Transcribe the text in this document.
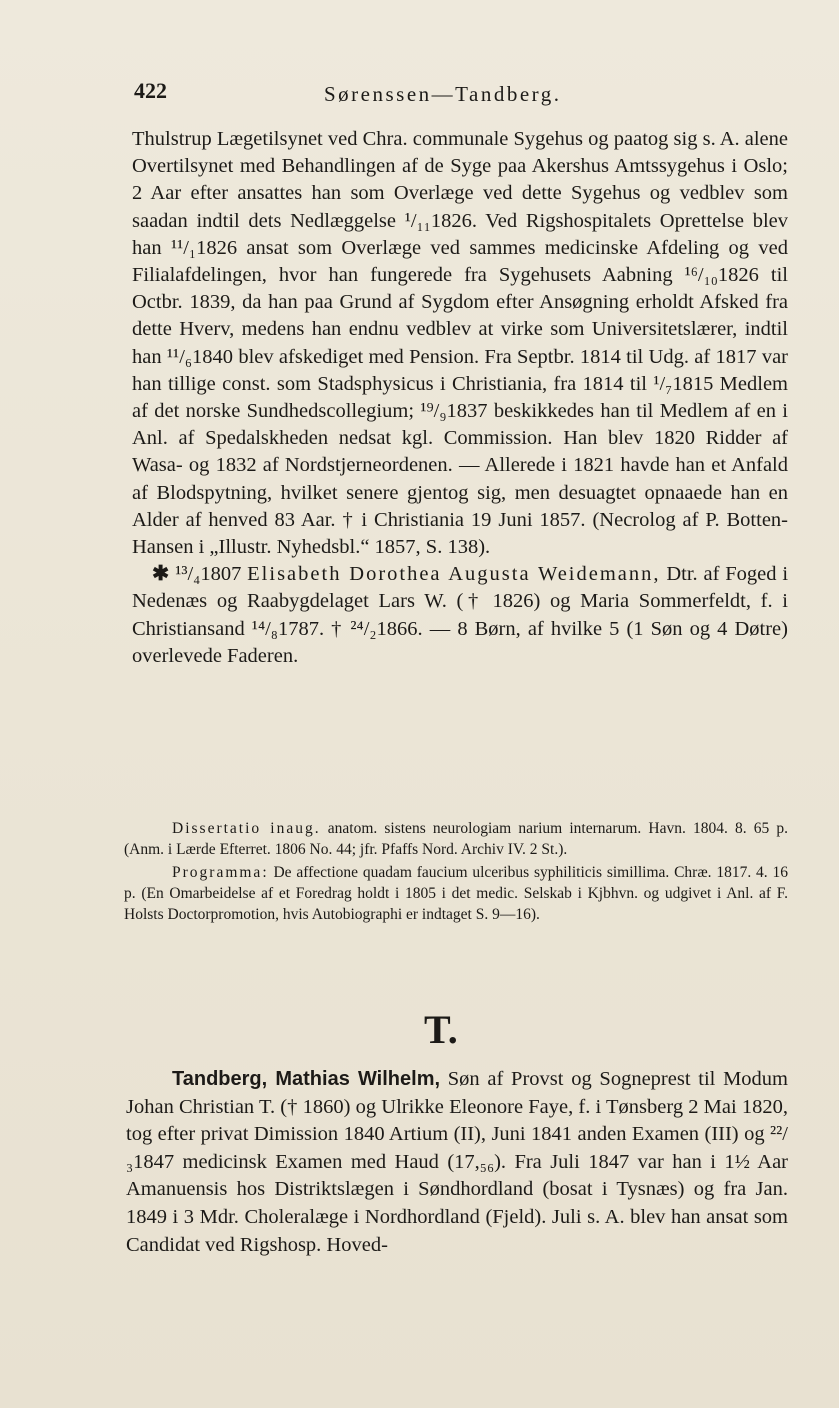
422	Sørenssen—Tandberg.

Thulstrup Lægetilsynet ved Chra. communale Sygehus og paatog sig s. A. alene Overtilsynet med Behandlingen af de Syge paa Akershus Amtssygehus i Oslo; 2 Aar efter ansattes han som Overlæge ved dette Sygehus og vedblev som saadan indtil dets Nedlæggelse ¹/₁₁1826. Ved Rigshospitalets Oprettelse blev han ¹¹/₁1826 ansat som Overlæge ved sammes medicinske Afdeling og ved Filialafdelingen, hvor han fungerede fra Sygehusets Aabning ¹⁶/₁₀1826 til Octbr. 1839, da han paa Grund af Sygdom efter Ansøgning erholdt Afsked fra dette Hverv, medens han endnu vedblev at virke som Universitetslærer, indtil han ¹¹/₆1840 blev afskediget med Pension. Fra Septbr. 1814 til Udg. af 1817 var han tillige const. som Stadsphysicus i Christiania, fra 1814 til ¹/₇1815 Medlem af det norske Sundhedscollegium; ¹⁹/₉1837 beskikkedes han til Medlem af en i Anl. af Spedalskheden nedsat kgl. Commission. Han blev 1820 Ridder af Wasa- og 1832 af Nordstjerneordenen. — Allerede i 1821 havde han et Anfald af Blodspytning, hvilket senere gjentog sig, men desuagtet opnaaede han en Alder af henved 83 Aar. † i Christiania 19 Juni 1857. (Necrolog af P. Botten-Hansen i „Illustr. Nyhedsbl.“ 1857, S. 138).

✱ ¹³/₄1807 Elisabeth Dorothea Augusta Weidemann, Dtr. af Foged i Nedenæs og Raabygdelaget Lars W. († 1826) og Maria Sommerfeldt, f. i Christiansand ¹⁴/₈1787. † ²⁴/₂1866. — 8 Børn, af hvilke 5 (1 Søn og 4 Døtre) overlevede Faderen.

Dissertatio inaug. anatom. sistens neurologiam narium internarum. Havn. 1804. 8. 65 p. (Anm. i Lærde Efterret. 1806 No. 44; jfr. Pfaffs Nord. Archiv IV. 2 St.).

Programma: De affectione quadam faucium ulceribus syphiliticis simillima. Chræ. 1817. 4. 16 p. (En Omarbeidelse af et Foredrag holdt i 1805 i det medic. Selskab i Kjbhvn. og udgivet i Anl. af F. Holsts Doctorpromotion, hvis Autobiographi er indtaget S. 9—16).

T.

Tandberg, Mathias Wilhelm, Søn af Provst og Sogneprest til Modum Johan Christian T. († 1860) og Ulrikke Eleonore Faye, f. i Tønsberg 2 Mai 1820, tog efter privat Dimission 1840 Artium (II), Juni 1841 anden Examen (III) og ²²/₃1847 medicinsk Examen med Haud (17,₅₆). Fra Juli 1847 var han i 1½ Aar Amanuensis hos Distriktslægen i Søndhordland (bosat i Tysnæs) og fra Jan. 1849 i 3 Mdr. Choleralæge i Nordhordland (Fjeld). Juli s. A. blev han ansat som Candidat ved Rigshosp. Hoved-
